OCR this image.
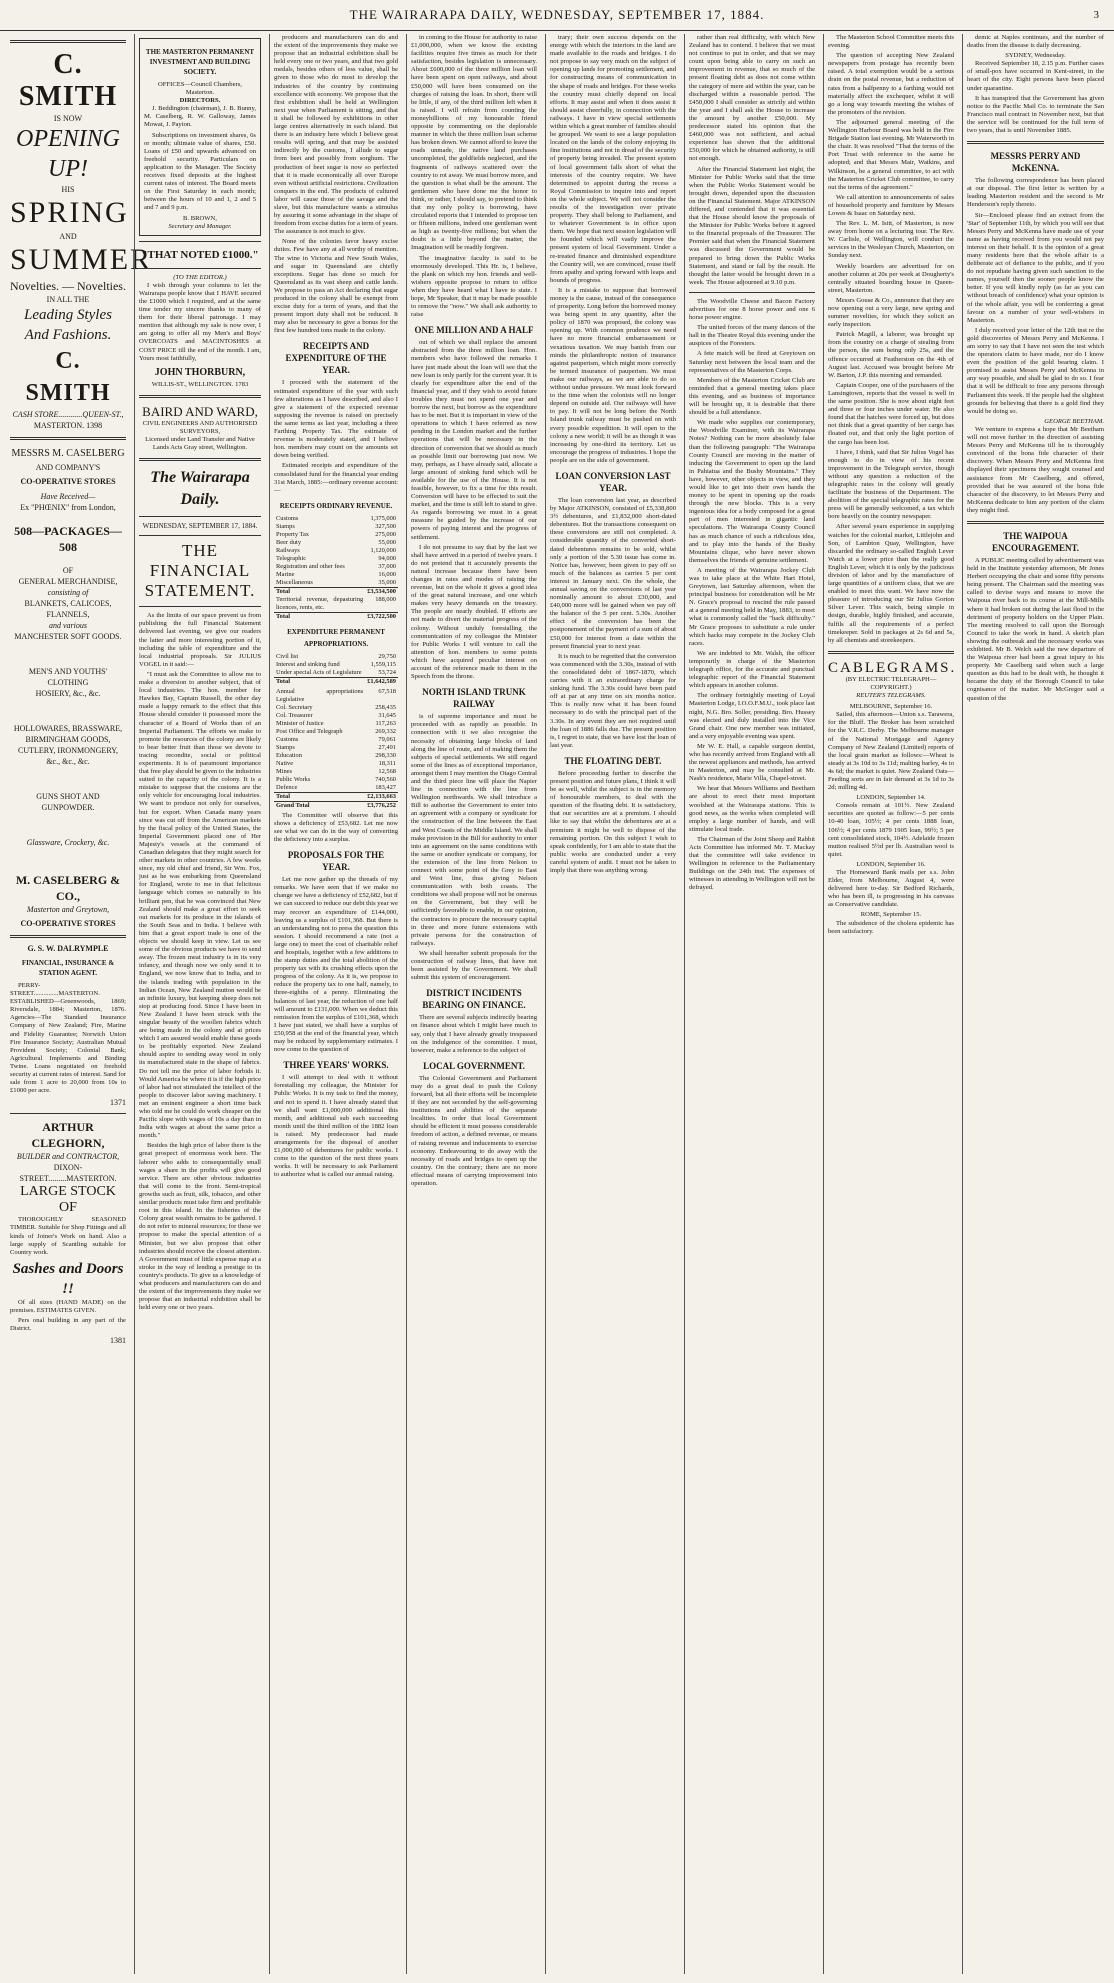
THE WAIRARAPA DAILY, WEDNESDAY, SEPTEMBER 17, 1884.	3
C. SMITH
IS NOW
OPENING UP!
HIS
SPRING
AND
SUMMER
Novelties. — Novelties.
IN ALL THE
Leading Styles
And Fashions.
C. SMITH
CASH STORE............QUEEN-ST.,
MASTERTON. 1398
MESSRS M. CASELBERG
AND COMPANY'S
CO-OPERATIVE STORES
Have Received—
Ex "PHŒNIX" from London,
508—PACKAGES—508
OF
GENERAL MERCHANDISE,
consisting of
BLANKETS, CALICOES, FLANNELS,
and various
MANCHESTER SOFT GOODS.
MEN'S AND YOUTHS' CLOTHING
HOSIERY, &c., &c.
HOLLOWARES, BRASSWARE,
BIRMINGHAM GOODS,
CUTLERY, IRONMONGERY,
&c., &c., &c.
GUNS SHOT AND GUNPOWDER.
Glassware, Crockery, &c.
M. CASELBERG & CO.,
Masterton and Greytown,
CO-OPERATIVE STORES
G. S. W. DALRYMPLE
FINANCIAL, INSURANCE & STATION AGENT.

PERRY-STREET...............MASTERTON. ESTABLISHED—Greenwoods, 1869; Riversdale, 1884; Masterton, 1876. Agencies—The Standard Insurance Company of New Zealand; Fire, Marine and Fidelity Guarantee; Norwich Union Fire Insurance Society; Australian Mutual Provident Society; Colonial Bank; Agricultural Implements and Binding Twine. Loans negotiated on freehold security at current rates of interest. Sand for sale from 1 acre to 20,000 from 10s to £1000 per acre.

1371
ARTHUR CLEGHORN,
BUILDER and CONTRACTOR,
DIXON-STREET.........MASTERTON.
LARGE STOCK OF

THOROUGHLY SEASONED TIMBER. Suitable for Shop Fittings and all kinds of Joiner's Work on hand. Also a large supply of Scantling suitable for Country work.

Sashes and Doors !!

Of all sizes (HAND MADE) on the premises. ESTIMATES GIVEN.

Pers onal building in any part of the District.

1381
THE MASTERTON PERMANENT INVESTMENT AND BUILDING SOCIETY.
OFFICES—Council Chambers, Masterton.
DIRECTORS.

J. Beddington (chairman), J. B. Bunny, M. Caselberg, R. W. Galloway, James Mowat, J. Payton.

Subscriptions on investment shares, 6s or month; ultimate value of shares, £50. Loans of £50 and upwards advanced on freehold security. Particulars on application to the Manager. The Society receives fixed deposits at the highest current rates of interest. The Board meets on the First Saturday in each month; between the hours of 10 and 1, 2 and 5 and 7 and 9 p.m.

B. BROWN,
Secretary and Manager.
"THAT NOTED £1000."
(TO THE EDITOR.)

I wish through your columns to let the Wairarapa people know that I HAVE secured the £1000 which I required, and at the same time tender my sincere thanks to many of them for their liberal patronage. I may mention that although my sale is now over, I am going to offer all my Men's and Boys' OVERCOATS and MACINTOSHES at COST PRICE till the end of the month. I am, Yours most faithfully,

JOHN THORBURN,
WILLIS-ST., WELLINGTON. 1783
BAIRD AND WARD,
CIVIL ENGINEERS AND AUTHORISED SURVEYORS,
Licensed under Land Transfer and Native Lands Acts Gray street, Wellington.
The Wairarapa Daily.
WEDNESDAY, SEPTEMBER 17, 1884.
THE FINANCIAL STATEMENT.

As the limits of our space prevent us from publishing the full Financial Statement delivered last evening, we give our readers the latter and more interesting portion of it, including the table of expenditure and the local industrial proposals. Sir JULIUS VOGEL in it said:—

"I must ask the Committee to allow me to make a diversion to another subject, that of local industries. The hon. member for Hawkes Bay, Captain Russell, the other day made a happy remark to the effect that this House should consider it possessed more the character of a Board of Works than of an Imperial Parliament. The efforts we make to promote the resources of the colony are likely to bear better fruit than those we devote to tracing recondite, social or political experiments. It is of paramount importance that free play should be given to the industries suited to the capacity of the colony. It is a mistake to suppose that the customs are the only vehicle for encouraging local industries. We want to produce not only for ourselves, but for export. When Canada many years since was cut off from the American markets by the fiscal policy of the United States, the Imperial Government placed one of Her Majesty's vessels at the command of Canadian delegates that they might search for other markets in other countries. A few weeks since, my old chief and friend, Sir Wm. Fox, just as he was embarking from Queensland for England, wrote to me in that felicitous language which comes so naturally to his brilliant pen, that he was convinced that New Zealand should make a great effort to seek out markets for its produce in the islands of the South Seas and in India. I believe with him that a great export trade is one of the objects we should keep in view. Let us see some of the obvious products we have to send away. The frozen meat industry is in its very infancy, and though now we only send it to England, we now know that to India, and to the islands trading with population in the Indian Ocean, New Zealand mutton would be an infinite luxury, but keeping sheep does not stop at producing food. Since I have been in New Zealand I have been struck with the singular beauty of the woollen fabrics which are being made in the colony and at prices which I am assured would enable these goods to be profitably exported. New Zealand should aspire to sending away wool in only its manufactured state in the shape of fabrics. Do not tell me the price of labor forbids it. Would America be where it is if the high price of labor had not stimulated the intellect of the people to discover labor saving machinery. I met an eminent engineer a short time back who told me he could do work cheaper on the Pacific slope with wages of 10s a day than in India with wages at about the same price a month."

Besides the high price of labor there is the great prospect of enormous work here. The laborer who adds to consequentially small wages a share in the profits will give good service. There are other obvious industries that will come to the front. Semi-tropical growths such as fruit, silk, tobacco, and other similar products must take firm and profitable root in this island. In the fisheries of the Colony great wealth remains to be gathered. I do not refer to mineral resources; for these we propose to make the special attention of a Minister, but we also propose that other industries should receive the closest attention. A Government must of little expense map at a stroke in the way of lending a prestige to its country's products. To give us a knowledge of what producers and manufacturers can do and the extent of the improvements they make we propose that an industrial exhibition shall be held every one or two years.

producers and manufacturers can do and the extent of the improvements they make we propose that an industrial exhibition shall be held every one or two years, and that two gold medals, besides others of less value, shall be given to those who do most to develop the industries of the country by continuing excellence with economy. We propose that the first exhibition shall be held at Wellington next year when Parliament is sitting, and that it shall be followed by exhibitions in other large centres alternatively in each island. But there is an industry here which I believe great results will spring, and that may be assisted indirectly by the customs, I allude to sugar from beet and possibly from sorghum. The production of beet sugar is now so perfected that it is made economically all over Europe even without artificial restrictions. Civilization conquers in the end. The products of cultured labor will cause those of the savage and the slave, but this manufacture wants a stimulus by assuring it some advantage in the shape of freedom from excise duties for a term of years. The assurance is not much to give.

None of the colonies favor heavy excise duties. Few have any at all worthy of mention. The wine in Victoria and New South Wales, and sugar in Queensland are chiefly exceptions. Sugar has done so much for Queensland as its vast sheep and cattle lands. We propose to pass an Act declaring that sugar produced in the colony shall be exempt from excise duty for a term of years, and that the present import duty shall not be reduced. It may also be necessary to give a bonus for the first few hundred tons made in the colony.

RECEIPTS AND EXPENDITURE OF THE YEAR.

I proceed with the statement of the estimated expenditure of the year with such few alterations as I have described, and also I give a statement of the expected revenue supposing the revenue is raised on precisely the same terms as last year, including a three Farthing Property Tax. The estimate of revenue is moderately stated, and I believe hon. members may count on the amounts set down being verified.

Estimated receipts and expenditure of the consolidated fund for the financial year ending 31st March, 1885:—ordinary revenue account:—

RECEIPTS ORDINARY REVENUE.
Customs	1,375,000
Stamps	327,500
Property Tax	275,000
Beer duty	55,000
Railways	1,120,000
Telegraphic	94,000
Registration and other fees	37,000
Marine	16,000
Miscellaneous	35,000
Total	£3,534,500
Territorial revenue, depasturing licences, rents, etc.	188,000
Total	£3,722,500
EXPENDITURE PERMANENT APPROPRIATIONS.
Civil list	29,750
Interest and sinking fund	1,559,115
Under special Acts of Legislature	53,724
Total	£1,642,589
Annual appropriations Legislative	67,518
Col. Secretary	258,435
Col. Treasurer	31,645
Minister of Justice	117,263
Post Office and Telegraph	269,332
Customs	79,061
Stamps	27,491
Education	298,330
Native	18,311
Mines	12,568
Public Works	740,560
Defence	183,427
Total	£2,133,663
Grand Total	£3,776,252

The Committee will observe that this shows a deficiency of £53,682. Let me now see what we can do in the way of converting the deficiency into a surplus.

PROPOSALS FOR THE YEAR.

Let me now gather up the threads of my remarks. We have seen that if we make no change we have a deficiency of £52,682, but if we can succeed to reduce our debt this year we may recover an expenditure of £144,000, leaving us a surplus of £101,368. But there is an understanding not to press the question this session. I should recommend a rate (not a large one) to meet the cost of charitable relief and hospitals, together with a few additions to the stamp duties and the total abolition of the property tax with its crushing effects upon the progress of the colony. As it is, we propose to reduce the property tax to one half, namely, to three-eighths of a penny. Eliminating the balances of last year, the reduction of one half will amount to £131,000. When we deduct this remission from the surplus of £101,368, which I have just stated, we shall have a surplus of £50,958 at the end of the financial year, which may be reduced by supplementary estimates. I now come to the question of

THREE YEARS' WORKS.

I will attempt to deal with it without forestalling my colleague, the Minister for Public Works. It is my task to find the money, and not to spend it. I have already stated that we shall want £1,000,000 additional this month, and additional sub each succeeding month until the third million of the 1882 loan is raised. My predecessor had made arrangements for the disposal of another £1,000,000 of debentures for public works. I come to the question of the next three years works. It will be necessary to ask Parliament to authorize what is called our annual raising.

in coming to the House for authority to raise £1,000,000, when we know the existing facilities require five times as much for their satisfaction, besides legislation is unnecessary. About £600,000 of the three million loan will have been spent on open railways, and about £50,000 will have been consumed on the charges of raising the loan. In short, there will be little, if any, of the third million left when it is raised. I will refrain from counting the moneybillions of my honourable friend opposite by commenting on the deplorable manner in which the three million loan scheme has broken down. We cannot afford to leave the roads unmade, the native land purchases uncompleted, the goldfields neglected, and the fragments of railways scattered over the country to rot away. We must borrow more, and the question is what shall be the amount. The gentlemen who have done me the honor to think, or rather, I should say, to pretend to think that my only policy is borrowing, have circulated reports that I intended to propose ten or fifteen millions, indeed one gentleman went as high as twenty-five millions; but when the doubt is a little beyond the matter, the Imagination will be readily forgiven.

The imaginative faculty is said to be enormously developed. This Hr. is, I believe, the plank on which my hon. friends and well-wishers opposite propose to return to office when they have heard what I have to state. I hope, Mr Speaker, that it may be made possible to remove the "now." We shall ask authority to raise

ONE MILLION AND A HALF

out of which we shall replace the amount abstracted from the three million loan. Hon. members who have followed the remarks I have just made about the loan will see that the new loan is only partly for the current year. It is clearly for expenditure after the end of the financial year, and if they wish to avoid future troubles they must not spend one year and borrow the next, but borrow as the expenditure has to be met. But it is important in view of the operations to which I have referred as now pending in the London market and the further operations that will be necessary in the direction of conversion that we should as much as possible limit our borrowing just now. We may, perhaps, as I have already said, allocate a large amount of sinking fund which will be available for the use of the House. It is not feasible, however, to fix a time for this result. Conversion will have to be effected to suit the market, and the time is still left to stand to give. As regards borrowing we must in a great measure be guided by the increase of our powers of paying interest and the progress of settlement.

I do not presume to say that by the last we shall have arrived in a period of twelve years. I do not pretend that it accurately presents the natural increase because there have been changes in rates and modes of raising the revenue, but on the whole it gives a good idea of the great natural increase, and one which makes very heavy demands on the treasury. The people are nearly doubled. If efforts are not made to divert the material progress of the colony. Without unduly forestalling the communication of my colleague the Minister for Public Works I will venture to call the attention of hon. members to some points which have acquired peculiar interest on account of the reference made to them in the Speech from the throne.

NORTH ISLAND TRUNK RAILWAY

is of supreme importance and must be proceeded with as rapidly as possible. In connection with it we also recognise the necessity of obtaining large blocks of land along the line of route, and of making them the subjects of special settlements. We still regard some of the lines as of exceptional importance, amongst them I may mention the Otago Central and the third piece line will place the Napier line in connection with the line from Wellington northwards. We shall introduce a Bill to authorise the Government to enter into an agreement with a company or syndicate for the construction of the line between the East and West Coasts of the Middle Island. We shall make provision in the Bill for authority to enter into an agreement on the same conditions with the same or another syndicate or company, for the extension of the line from Nelson to connect with some point of the Grey to East and West line, thus giving Nelson communication with both coasts. The conditions we shall propose will not be onerous on the Government, but they will be sufficiently favorable to enable, in our opinion, the contractors to procure the necessary capital in three and more future extensions with private persons for the construction of railways.

We shall hereafter submit proposals for the construction of railway lines, that have not been assisted by the Government. We shall submit this system of encouragement.

DISTRICT INCIDENTS BEARING ON FINANCE.

There are several subjects indirectly bearing on finance about which I might have much to say, only that I have already greatly trespassed on the indulgence of the committee. I must, however, make a reference to the subject of

LOCAL GOVERNMENT.

The Colonial Government and Parliament may do a great deal to push the Colony forward, but all their efforts will be incomplete if they are not seconded by the self-governing institutions and abilities of the separate localities. In order that local Government should be efficient it must possess considerable freedom of action, a defined revenue, or means of raising revenue and inducements to exercise economy. Endeavouring to do away with the necessity of roads and bridges to open up the country. On the contrary; there are no more effectual means of carrying improvement into operation.

trary; their own success depends on the energy with which the interiors in the land are made available to the roads and bridges. I do not propose to say very much on the subject of opening up lands for promoting settlement, and for constructing means of communication in the shape of roads and bridges. For these works the country must chiefly depend on local efforts. It may assist and when it does assist it should assist cheerfully, in connection with the railways. I have in view special settlements within which a great number of families should be grouped. We want to see a large population located on the lands of the colony enjoying its fine institutions and not in dread of the security of property being invaded. The present system of local government falls short of what the interests of the country require. We have determined to appoint during the recess a Royal Commission to inquire into and report on the whole subject. We will not consider the results of the investigation over private property. They shall belong to Parliament, and to whatever Government is in office upon them. We hope that next session legislation will be founded which will vastly improve the present system of local Government. Under a re-treated finance and diminished expenditure the Country will, we are convinced, rouse itself from apathy and spring forward with leaps and bounds of progress.

It is a mistake to suppose that borrowed money is the cause, instead of the consequence of prosperity. Long before the borrowed money was being spent in any quantity, after the policy of 1870 was proposed, the colony was opening up. With common prudence we need have no more financial embarrassment or vexatious taxation. We may banish from our minds the philanthropic notion of insurance against pauperism, which might more correctly be termed insurance of pauperism. We must make our railways, as we are able to do so without undue pressure. We must look forward to the time when the colonists will no longer depend on outside aid. Our railways will have to pay. It will not be long before the North Island trunk railway must be pushed on with every possible expedition. It will open to the colony a new world; it will be as though it was increasing by one-third its territory. Let us encourage the progress of industries. I hope the people are on the side of government.

LOAN CONVERSION LAST YEAR.

The loan conversion last year, as described by Major ATKINSON, consisted of £5,338,800 3½ debentures, and £1,832,000 short-dated debentures. But the transactions consequent on these conversions are still not completed. A considerable quantity of the converted short-dated debentures remains to be sold, whilst only a portion of the 5.30 issue has come in. Notice has, however, been given to pay off so much of the balances as carries 5 per cent interest in January next. On the whole, the annual saving on the conversions of last year nominally amount to about £30,000, and £40,000 more will be gained when we pay off the balance of the 5 per cent. 5.30s. Another effect of the conversion has been the postponement of the payment of a sum of about £50,000 for interest from a date within the present financial year to next year.

It is much to be regretted that the conversion was commenced with the 3.30s, instead of with the consolidated debt of 1867-1870, which carries with it an extraordinary charge for sinking fund. The 3.30s could have been paid off at par at any time on six months notice. This is really now what it has been found necessary to do with the principal part of the 3.30s. In any event they are not required until the loan of 1886 falls due. The present position is, I regret to state, that we have lost the loan of last year.

THE FLOATING DEBT.

Before proceeding further to describe the present position and future plans, I think it will be as well, whilst the subject is in the memory of honourable members, to deal with the question of the floating debt. It is satisfactory, that our securities are at a premium. I should like to say that whilst the debentures are at a premium it might be well to dispose of the remaining portion. On this subject I wish to speak confidently, for I am able to state that the public works are conducted under a very careful system of audit. I must not be taken to imply that there was anything wrong.

rather than real difficulty, with which New Zealand has to contend. I believe that we must not continue to put in order, and that we may count upon being able to carry on such an improvement in revenue, that so much of the present floating debt as does not come within the category of mere aid within the year, can be discharged within a reasonable period. The £450,000 I shall consider as strictly aid within the year and I shall ask the House to increase the amount by another £50,000. My predecessor stated his opinion that the £460,000 was not sufficient, and actual experience has shown that the additional £50,000 for which he obtained authority, is still not enough.

After the Financial Statement last night, the Minister for Public Works said that the time when the Public Works Statement would be brought down, depended upon the discussion on the Financial Statement. Major ATKINSON differed, and contended that it was essential that the House should know the proposals of the Minister for Public Works before it agreed to the financial proposals of the Treasurer. The Premier said that when the Financial Statement was discussed the Government would be prepared to bring down the Public Works Statement, and stand or fall by the result. He thought the latter would be brought down in a week. The House adjourned at 9.10 p.m.

The Woodville Cheese and Bacon Factory advertises for one 8 horse power and one 6 horse power engine.

The united forces of the many dances of the hall in the Theatre Royal this evening under the auspices of the Foresters.

A fete match will be fired at Greytown on Saturday next between the local team and the representatives of the Masterton Corps.

Members of the Masterton Cricket Club are reminded that a general meeting takes place this evening, and as business of importance will be brought up, it is desirable that there should be a full attendance.

We made who supplies our contemporary, the Woodville Examiner, with its Wairarapa Notes? Nothing can be more absolutely false than the following paragraph: "The Wairarapa County Council are moving in the matter of inducing the Government to open up the land in Pahiatua and the Bushy Mountains." They have, however, other objects in view, and they would like to get into their own hands the money to be spent in opening up the roads through the new blocks. This is a very ingenious idea for a body composed for a great part of men interested in gigantic land speculations. The Wairarapa County Council has as much chance of such a ridiculous idea, and to play into the hands of the Bushy Mountains clique, who have never shown themselves the friends of genuine settlement.

A meeting of the Wairarapa Jockey Club was to take place at the White Hart Hotel, Greytown, last Saturday afternoon, when the principal business for consideration will be Mr N. Grace's proposal to rescind the rule passed at a general meeting held in May, 1883, to meet what is commonly called the "hack difficulty." Mr Grace proposes to substitute a rule under which hacks may compete in the Jockey Club races.

We are indebted to Mr. Walsh, the officer temporarily in charge of the Masterton telegraph office, for the accurate and punctual telegraphic report of the Financial Statement which appears in another column.

The ordinary fortnightly meeting of Loyal Masterton Lodge, I.O.O.F.M.U., took place last night, N.G. Bro. Soller, presiding. Bro. Hussey was elected and duly installed into the Vice Grand chair. One new member was initiated, and a very enjoyable evening was spent.

Mr W. E. Hall, a capable surgeon dentist, who has recently arrived from England with all the newest appliances and methods, has arrived in Masterton, and may be consulted at Mr. Nash's residence, Marie Villa, Chapel-street.

We hear that Messrs Williams and Beetham are about to erect their most important woolshed at the Wairarapa stations. This is good news, as the works when completed will employ a large number of hands, and will stimulate local trade.

The Chairman of the Joint Sheep and Rabbit Acts Committee has informed Mr. T. Mackay that the committee will take evidence in Wellington in reference to the Parliamentary Buildings on the 24th inst. The expenses of witnesses in attending in Wellington will not be defrayed.

The Masterton School Committee meets this evening.

The question of accepting New Zealand newspapers from postage has recently been raised. A total exemption would be a serious drain on the postal revenue, but a reduction of rates from a halfpenny to a farthing would not materially affect the exchequer, whilst it will go a long way towards meeting the wishes of the promoters of the revision.

The adjourned general meeting of the Wellington Harbour Board was held in the Fire Brigade Station last evening. Mr Waterworth in the chair. It was resolved "That the terms of the Port Trust with reference to the same be adopted; and that Messrs Mair, Watkins, and Wilkinson, be a general committee, to act with the Masterton Cricket Club committee, to carry out the terms of the agreement."

We call attention to announcements of sales of household property and furniture by Messrs Lowes & Isaac on Saturday next.

The Rev. L. M. Isitt, of Masterton, is now away from home on a lecturing tour. The Rev. W. Carlisle, of Wellington, will conduct the services in the Wesleyan Church, Masterton, on Sunday next.

Weekly boarders are advertised for on another column at 20s per week at Dougherty's centrally situated boarding house in Queen-street, Masterton.

Messrs Gouse & Co., announce that they are now opening out a very large, new spring and summer novelties, for which they solicit an early inspection.

Patrick Magill, a laborer, was brought up from the country on a charge of stealing from the person, the sum being only 25s, and the offence occurred at Featherston on the 4th of August last. Accused was brought before Mr W. Barton, J.P. this morning and remanded.

Captain Cooper, one of the purchasers of the Lansingtown, reports that the vessel is well in the same position. She is now about eight feet and three or four inches under water. He also found that the hatches were forced up, but does not think that a great quantity of her cargo has floated out, and that only the light portion of the cargo has been lost.

I have, I think, said that Sir Julius Vogel has enough to do in view of his recent improvement in the Telegraph service, though without any question a reduction of the telegraphic rates in the colony will greatly facilitate the business of the Department. The abolition of the special telegraphic rates for the press will be generally welcomed, a tax which bore heavily on the country newspaper.

After several years experience in supplying watches for the colonial market, Littlejohn and Son, of Lambton Quay, Wellington, have discarded the ordinary so-called English Lever Watch at a lower price than the really good English Lever, which it is only by the judicious division of labor and by the manufacture of large quantities of a uniform class, that we are enabled to meet this want. We have now the pleasure of introducing our Sir Julius Gorton Silver Lever. This watch, being simple in design, durable, highly finished, and accurate, fulfils all the requirements of a perfect timekeeper. Sold in packages at 2s 6d and 5s, by all chemists and storekeepers.

CABLEGRAMS.
(BY ELECTRIC TELEGRAPH—COPYRIGHT.)
REUTER'S TELEGRAMS.
MELBOURNE, September 16.

Sailed, this afternoon—Union s.s. Tarawera, for the Bluff. The Broker has been scratched for the V.R.C. Derby. The Melbourne manager of the National Mortgage and Agency Company of New Zealand (Limited) reports of the local grain market as follows:—Wheat is steady at 3s 10d to 3s 11d; malting barley, 4s to 4s 6d; the market is quiet. New Zealand Oats—Feeding sorts are in fair demand at 3s 1d to 3s 2d; milling 4d.

LONDON, September 14.

Consols remain at 101½. New Zealand securities are quoted as follow:—5 per cents 10-40 loan, 105½; 4 per cents 1888 loan, 106½; 4 per cents 1879 1905 loan, 99½; 5 per cent consolidated stock, 104½. Adelaide frozen mutton realised 5½d per lb. Australian wool is quiet.

LONDON, September 16.

The Homeward Bank mails per s.s. John Elder, from Melbourne, August 4, were delivered here to-day. Sir Bedford Richards, who has been ill, is progressing in his canvass as Conservative candidate.

ROME, September 15.

The subsidence of the cholera epidemic has been satisfactory.

demic at Naples continues, and the number of deaths from the disease is daily decreasing.

SYDNEY, Wednesday.

Received September 18, 2.15 p.m. Further cases of small-pox have occurred in Kent-street, in the heart of the city. Eight persons have been placed under quarantine.

It has transpired that the Government has given notice to the Pacific Mail Co. to terminate the San Francisco mail contract in November next, but that the service will be continued for the full term of two years, that is until November 1885.

MESSRS PERRY AND McKENNA.

The following correspondence has been placed at our disposal. The first letter is written by a leading Masterton resident and the second is Mr Henderson's reply thereto.

Sir—Enclosed please find an extract from the 'Star' of September 11th, by which you will see that Messrs Perry and McKenna have made use of your name as having received from you would not pay interest on their behalf. It is the opinion of a great many residents here that the whole affair is a deliberate act of defiance to the public, and if you do not repudiate having given such sanction to the names, yourself then the sooner people know the better. If you will kindly reply (as far as you can without breach of confidence) what your opinion is of the whole affair, you will be conferring a great favour on a number of your well-wishers in Masterton.

I duly received your letter of the 12th inst re the gold discoveries of Messrs Perry and McKenna. I am sorry to say that I have not seen the test which the operators claim to have made, nor do I know even the position of the gold bearing claim. I promised to assist Messrs Perry and McKenna in any way possible, and shall be glad to do so. I fear that it will be difficult to free any persons through Parliament this week. If the people had the slightest grounds for believing that there is a gold find they would be doing so.

GEORGE BEETHAM.

We venture to express a hope that Mr Beetham will not move further in the direction of assisting Messrs Perry and McKenna till he is thoroughly convinced of the bona fide character of their discovery. When Messrs Perry and McKenna first displayed their specimens they sought counsel and assistance from Mr Caselberg, and offered, provided that he was assured of the bona fide character of the discovery, to let Messrs Perry and McKenna dedicate to him any portion of the claim they might find.

THE WAIPOUA ENCOURAGEMENT.

A PUBLIC meeting called by advertisement was held in the Institute yesterday afternoon, Mr Jones Herbert occupying the chair and some fifty persons being present. The Chairman said the meeting was called to devise ways and means to move the Waipoua river back to its course at the Mill-Mills where it had broken out during the last flood to the detriment of property holders on the Upper Plain. The meeting resolved to call upon the Borough Council to take the work in hand. A sketch plan showing the outbreak and the necessary works was exhibited. Mr B. Welch said the new departure of the Waipoua river had been a great injury to his property. Mr Caselberg said when such a large question as this had to be dealt with, he thought it became the duty of the Borough Council to take cognisance of the matter. Mr McGregor said a question of the
